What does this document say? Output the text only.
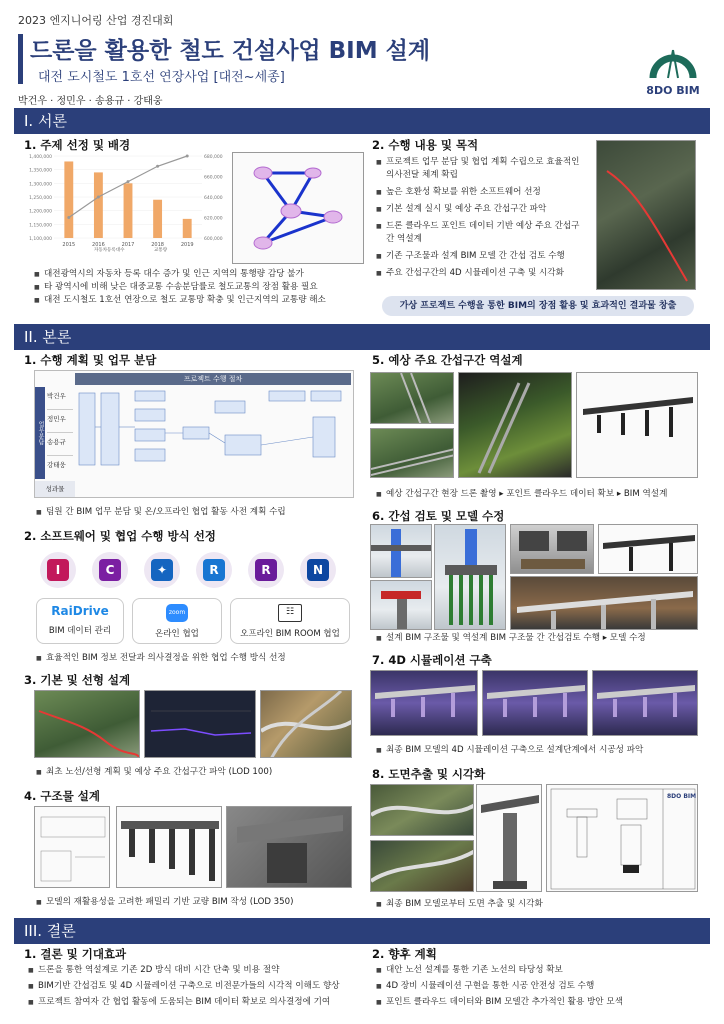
2023 엔지니어링 산업 경진대회
드론을 활용한 철도 건설사업 BIM 설계
대전 도시철도 1호선 연장사업 [대전~세종]
박건우 · 정민우 · 송용규 · 강태웅
8DO BIM
I. 서론
1. 주제 선정 및 배경
1,400,000
1,350,000
1,300,000
1,250,000
1,200,000
1,150,000
1,100,000
680,000
660,000
640,000
620,000
600,000
2015	2016	2017	2018	2019
자동차등록대수	교통량
■ 대전광역시의 자동차 등록 대수 증가 및 인근 지역의 통행량 감당 불가
■ 타 광역시에 비해 낮은 대중교통 수송분담률로 철도교통의 장점 활용 필요
■ 대전 도시철도 1호선 연장으로 철도 교통망 확충 및 인근지역의 교통량 해소
2. 수행 내용 및 목적
■ 프로젝트 업무 분담 및 협업 계획 수립으로 효율적인 의사전달 체계 확립
■ 높은 호환성 확보를 위한 소프트웨어 선정
■ 기본 설계 실시 및 예상 주요 간섭구간 파악
■ 드론 클라우드 포인트 데이터 기반 예상 주요 간섭구간 역설계
■ 기존 구조물과 설계 BIM 모델 간 간섭 검토 수행
■ 주요 간섭구간의 4D 시뮬레이션 구축 및 시각화
가상 프로젝트 수행을 통한 BIM의 장점 활용 및 효과적인 결과물 창출
II. 본론
1. 수행 계획 및 업무 분담
프로젝트 수행 절차
업무분담
박건우
정민우
송용규
강태웅
성과물
■ 팀원 간 BIM 업무 분담 및 온/오프라인 협업 활동 사전 계획 수립
2. 소프트웨어 및 협업 수행 방식 선정
I	C	✦	R	R	N
RaiDrive
BIM 데이터 관리
zoom
온라인 협업
☷
오프라인 BIM ROOM 협업
■ 효율적인 BIM 정보 전달과 의사결정을 위한 협업 수행 방식 선정
3. 기본 및 선형 설계
■ 최초 노선/선형 계획 및 예상 주요 간섭구간 파악 (LOD 100)
4. 구조물 설계
■ 모델의 재활용성을 고려한 패밀리 기반 교량 BIM 작성 (LOD 350)
5. 예상 주요 간섭구간 역설계
■ 예상 간섭구간 현장 드론 촬영 ▸ 포인트 클라우드 데이터 확보 ▸ BIM 역설계
6. 간섭 검토 및 모델 수정
■ 설계 BIM 구조물 및 역설계 BIM 구조물 간 간섭검토 수행 ▸ 모델 수정
7. 4D 시뮬레이션 구축
■ 최종 BIM 모델의 4D 시뮬레이션 구축으로 설계단계에서 시공성 파악
8. 도면추출 및 시각화
8DO BIM
■ 최종 BIM 모델로부터 도면 추출 및 시각화
III. 결론
1. 결론 및 기대효과
■ 드론을 통한 역설계로 기존 2D 방식 대비 시간 단축 및 비용 절약
■ BIM기반 간섭검토 및 4D 시뮬레이션 구축으로 비전문가들의 시각적 이해도 향상
■ 프로젝트 참여자 간 협업 활동에 도움되는 BIM 데이터 확보로 의사결정에 기여
2. 향후 계획
■ 대안 노선 설계를 통한 기존 노선의 타당성 확보
■ 4D 장비 시뮬레이션 구현을 통한 시공 안전성 검토 수행
■ 포인트 클라우드 데이터와 BIM 모델간 추가적인 활용 방안 모색
